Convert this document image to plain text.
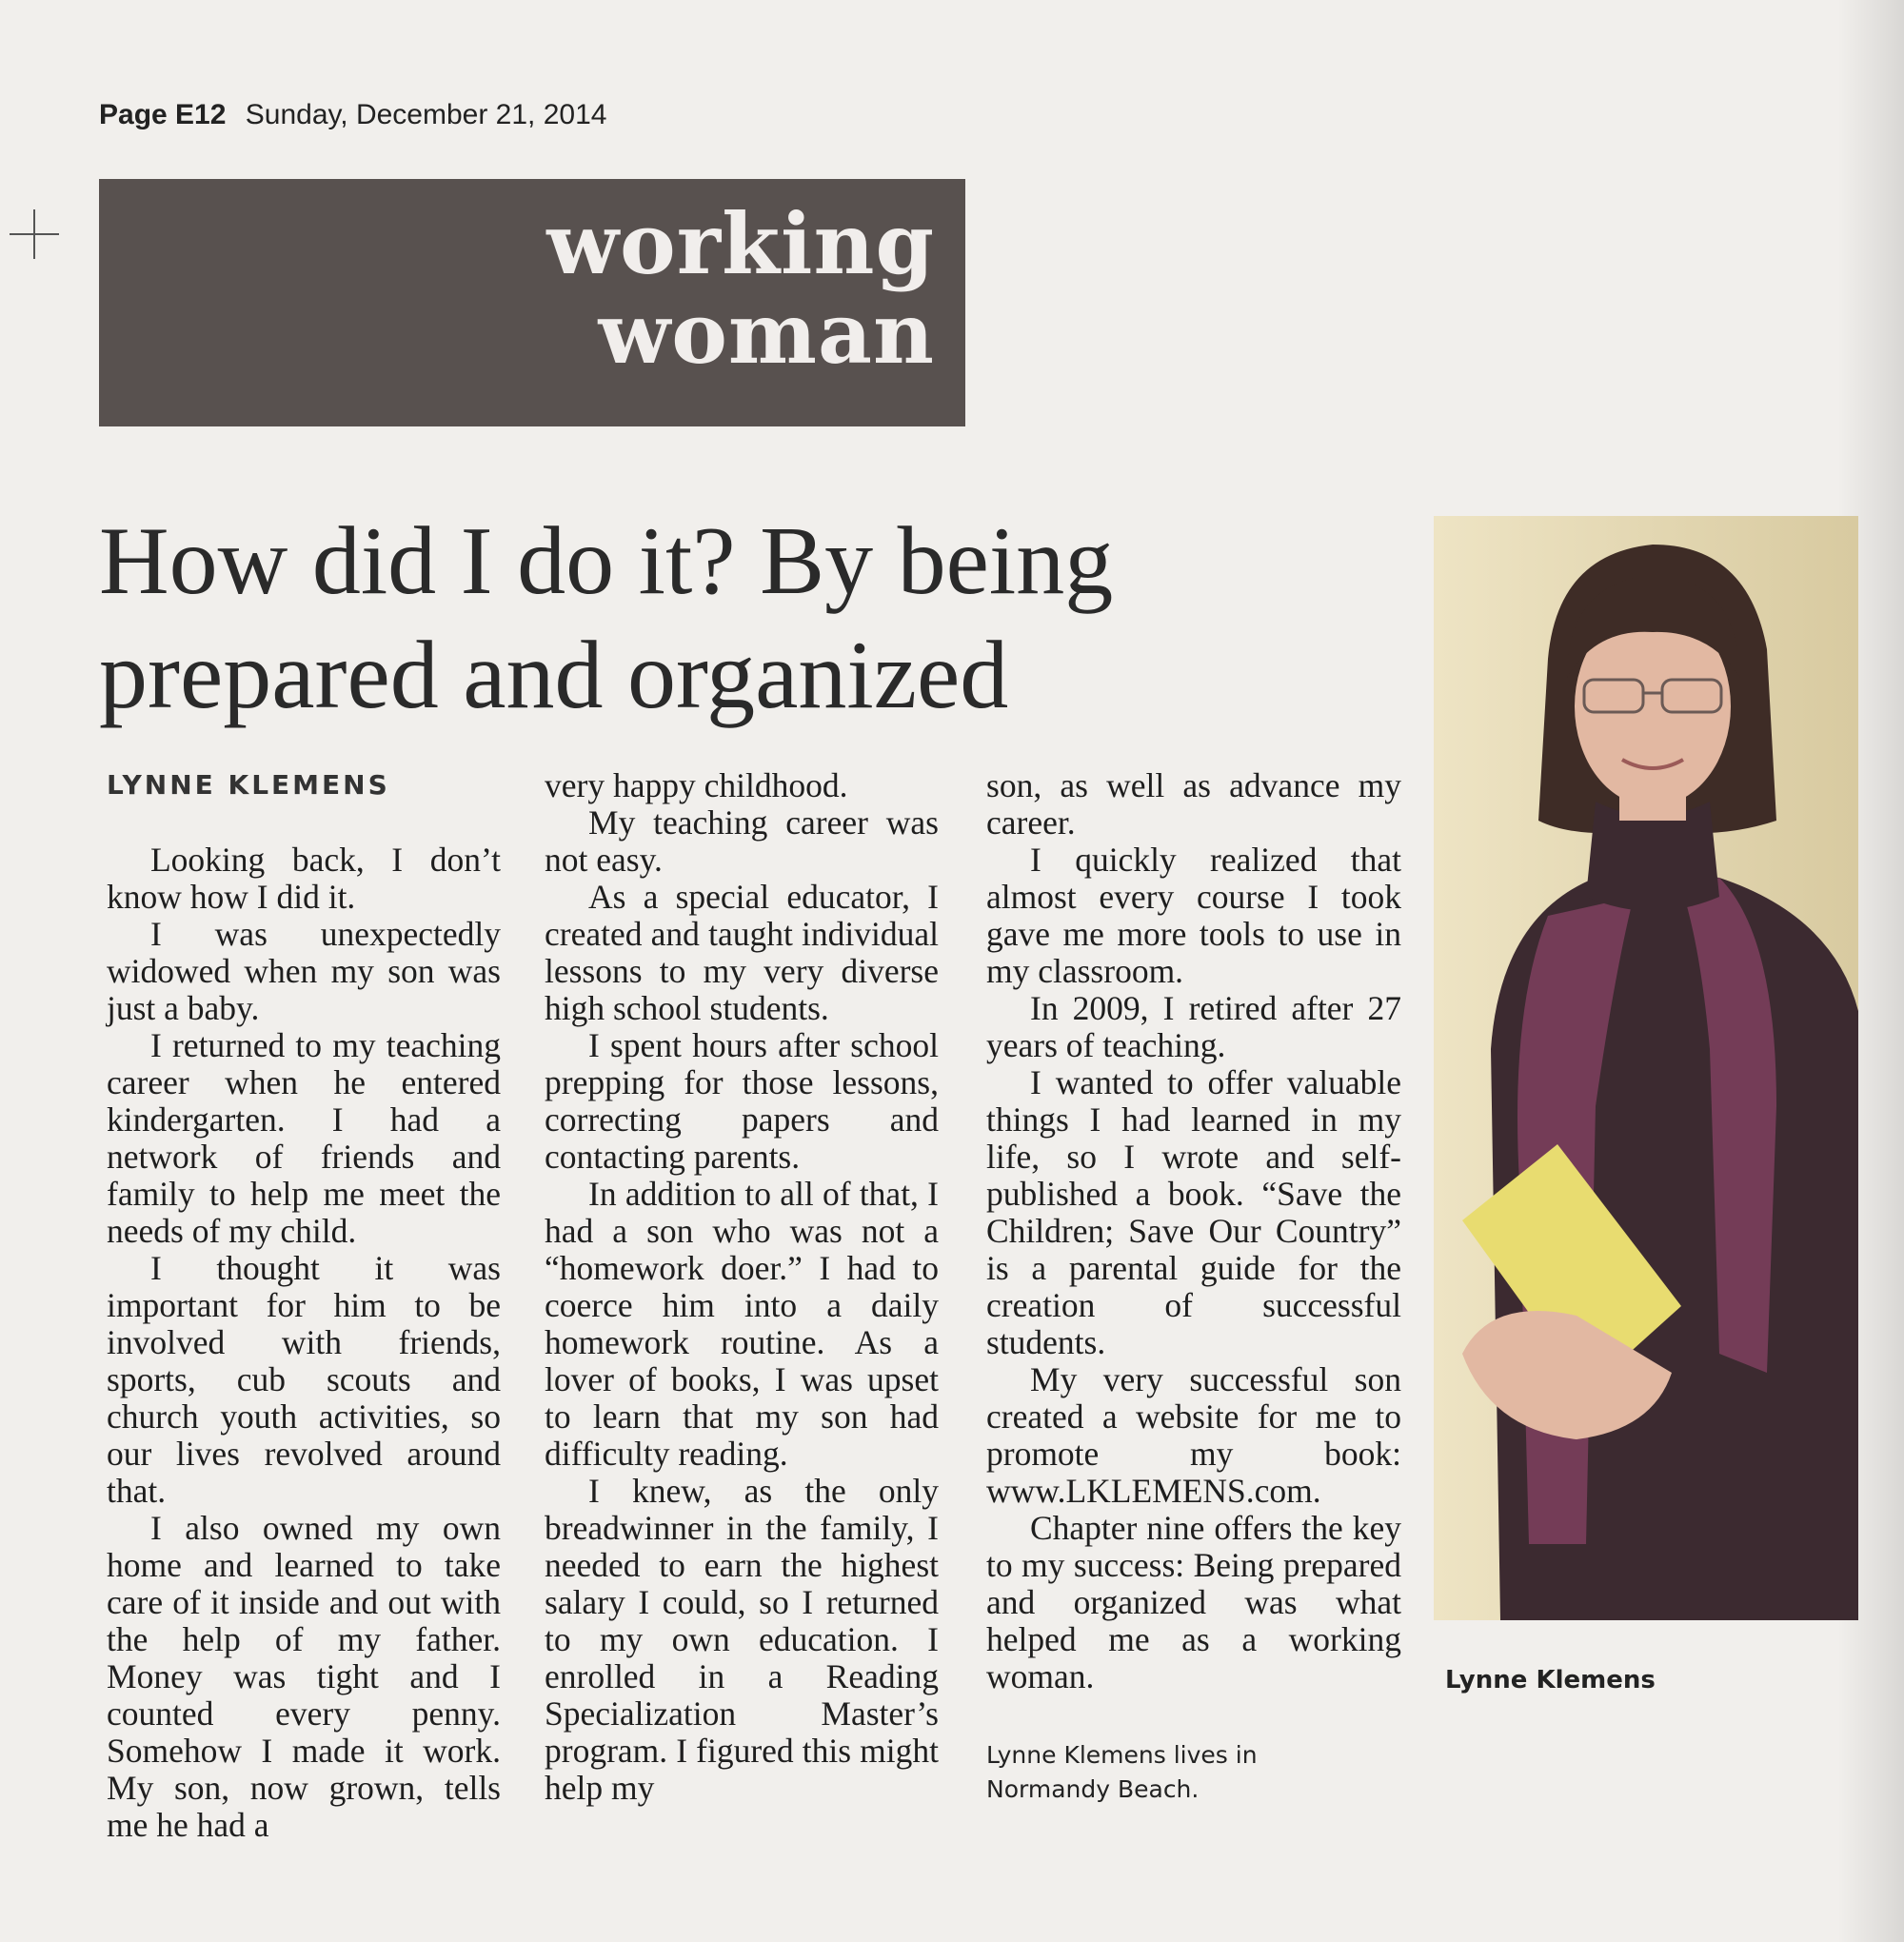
Page E12 Sunday, December 21, 2014
working
woman
How did I do it? By being
prepared and organized
LYNNE KLEMENS

Looking back, I don’t know how I did it.

I was unexpectedly widowed when my son was just a baby.

I returned to my teaching career when he entered kindergarten. I had a network of friends and family to help me meet the needs of my child.

I thought it was important for him to be involved with friends, sports, cub scouts and church youth activities, so our lives revolved around that.

I also owned my own home and learned to take care of it inside and out with the help of my father. Money was tight and I counted every penny. Somehow I made it work. My son, now grown, tells me he had a

very happy childhood.

My teaching career was not easy.

As a special educator, I created and taught individual lessons to my very diverse high school students.

I spent hours after school prepping for those lessons, correcting papers and contacting parents.

In addition to all of that, I had a son who was not a “homework doer.” I had to coerce him into a daily homework routine. As a lover of books, I was upset to learn that my son had difficulty reading.

I knew, as the only breadwinner in the family, I needed to earn the highest salary I could, so I returned to my own education. I enrolled in a Reading Specialization Master’s program. I figured this might help my

son, as well as advance my career.

I quickly realized that almost every course I took gave me more tools to use in my classroom.

In 2009, I retired after 27 years of teaching.

I wanted to offer valuable things I had learned in my life, so I wrote and self-published a book. “Save the Children; Save Our Country” is a parental guide for the creation of successful students.

My very successful son created a website for me to promote my book: www.LKLEMENS.com.

Chapter nine offers the key to my success: Being prepared and organized was what helped me as a working woman.

Lynne Klemens lives in Normandy Beach.
Lynne Klemens
